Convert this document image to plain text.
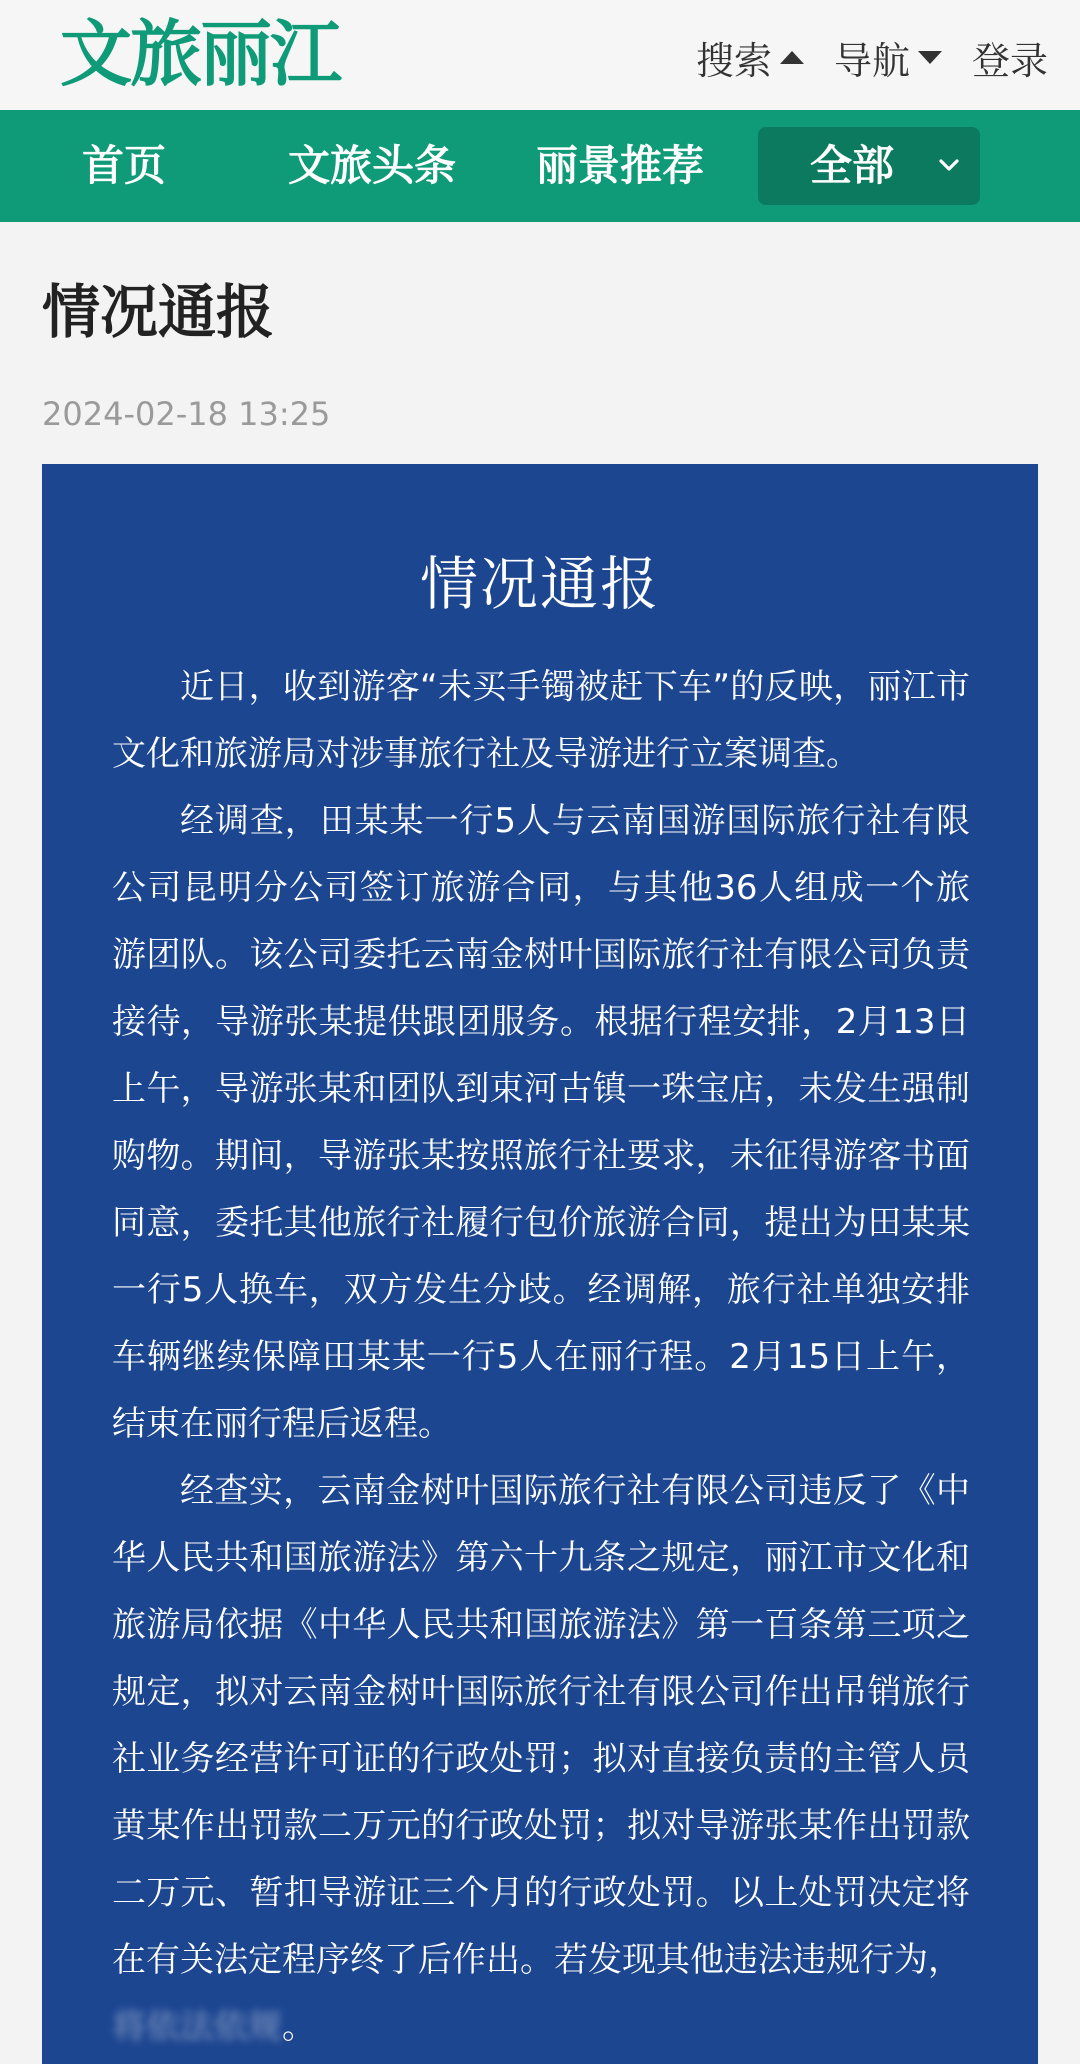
文旅丽江	搜索 导航 登录
首页	文旅头条 丽景推荐	全部
情况通报
2024-02-18 13:25
情况通报

近日，收到游客“未买手镯被赶下车”的反映，丽江市文化和旅游局对涉事旅行社及导游进行立案调查。

经调查，田某某一行5人与云南国游国际旅行社有限公司昆明分公司签订旅游合同，与其他36人组成一个旅游团队。该公司委托云南金树叶国际旅行社有限公司负责接待，导游张某提供跟团服务。根据行程安排，2月13日上午，导游张某和团队到束河古镇一珠宝店，未发生强制购物。期间，导游张某按照旅行社要求，未征得游客书面同意，委托其他旅行社履行包价旅游合同，提出为田某某一行5人换车，双方发生分歧。经调解，旅行社单独安排车辆继续保障田某某一行5人在丽行程。2月15日上午，结束在丽行程后返程。

经查实，云南金树叶国际旅行社有限公司违反了《中华人民共和国旅游法》第六十九条之规定，丽江市文化和旅游局依据《中华人民共和国旅游法》第一百条第三项之规定，拟对云南金树叶国际旅行社有限公司作出吊销旅行社业务经营许可证的行政处罚；拟对直接负责的主管人员黄某作出罚款二万元的行政处罚；拟对导游张某作出罚款二万元、暂扣导游证三个月的行政处罚。以上处罚决定将在有关法定程序终了后作出。若发现其他违法违规行为，

将依法依规。
